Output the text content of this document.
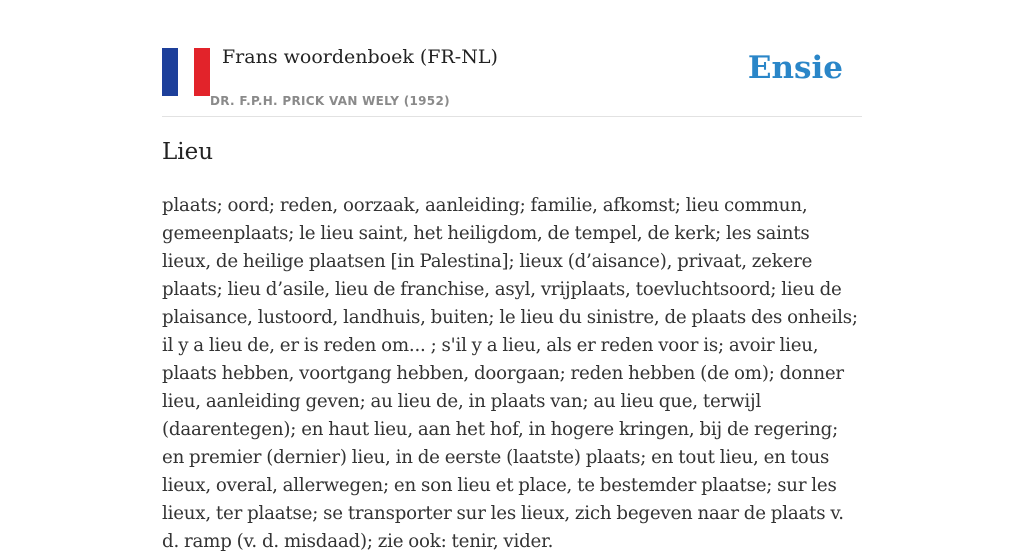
Frans woordenboek (FR-NL)
DR. F.P.H. PRICK VAN WELY (1952)
Ensie
Lieu

plaats; oord; reden, oorzaak, aanleiding; familie, afkomst; lieu commun, gemeenplaats; le lieu saint, het heiligdom, de tempel, de kerk; les saints lieux, de heilige plaatsen [in Palestina]; lieux (d’aisance), privaat, zekere plaats; lieu d’asile, lieu de franchise, asyl, vrijplaats, toevluchtsoord; lieu de plaisance, lustoord, landhuis, buiten; le lieu du sinistre, de plaats des onheils; il y a lieu de, er is reden om... ; s'il y a lieu, als er reden voor is; avoir lieu, plaats hebben, voortgang hebben, doorgaan; reden hebben (de om); donner lieu, aanleiding geven; au lieu de, in plaats van; au lieu que, terwijl (daarentegen); en haut lieu, aan het hof, in hogere kringen, bij de regering; en premier (dernier) lieu, in de eerste (laatste) plaats; en tout lieu, en tous lieux, overal, allerwegen; en son lieu et place, te bestemder plaatse; sur les lieux, ter plaatse; se transporter sur les lieux, zich begeven naar de plaats v. d. ramp (v. d. misdaad); zie ook: tenir, vider.
